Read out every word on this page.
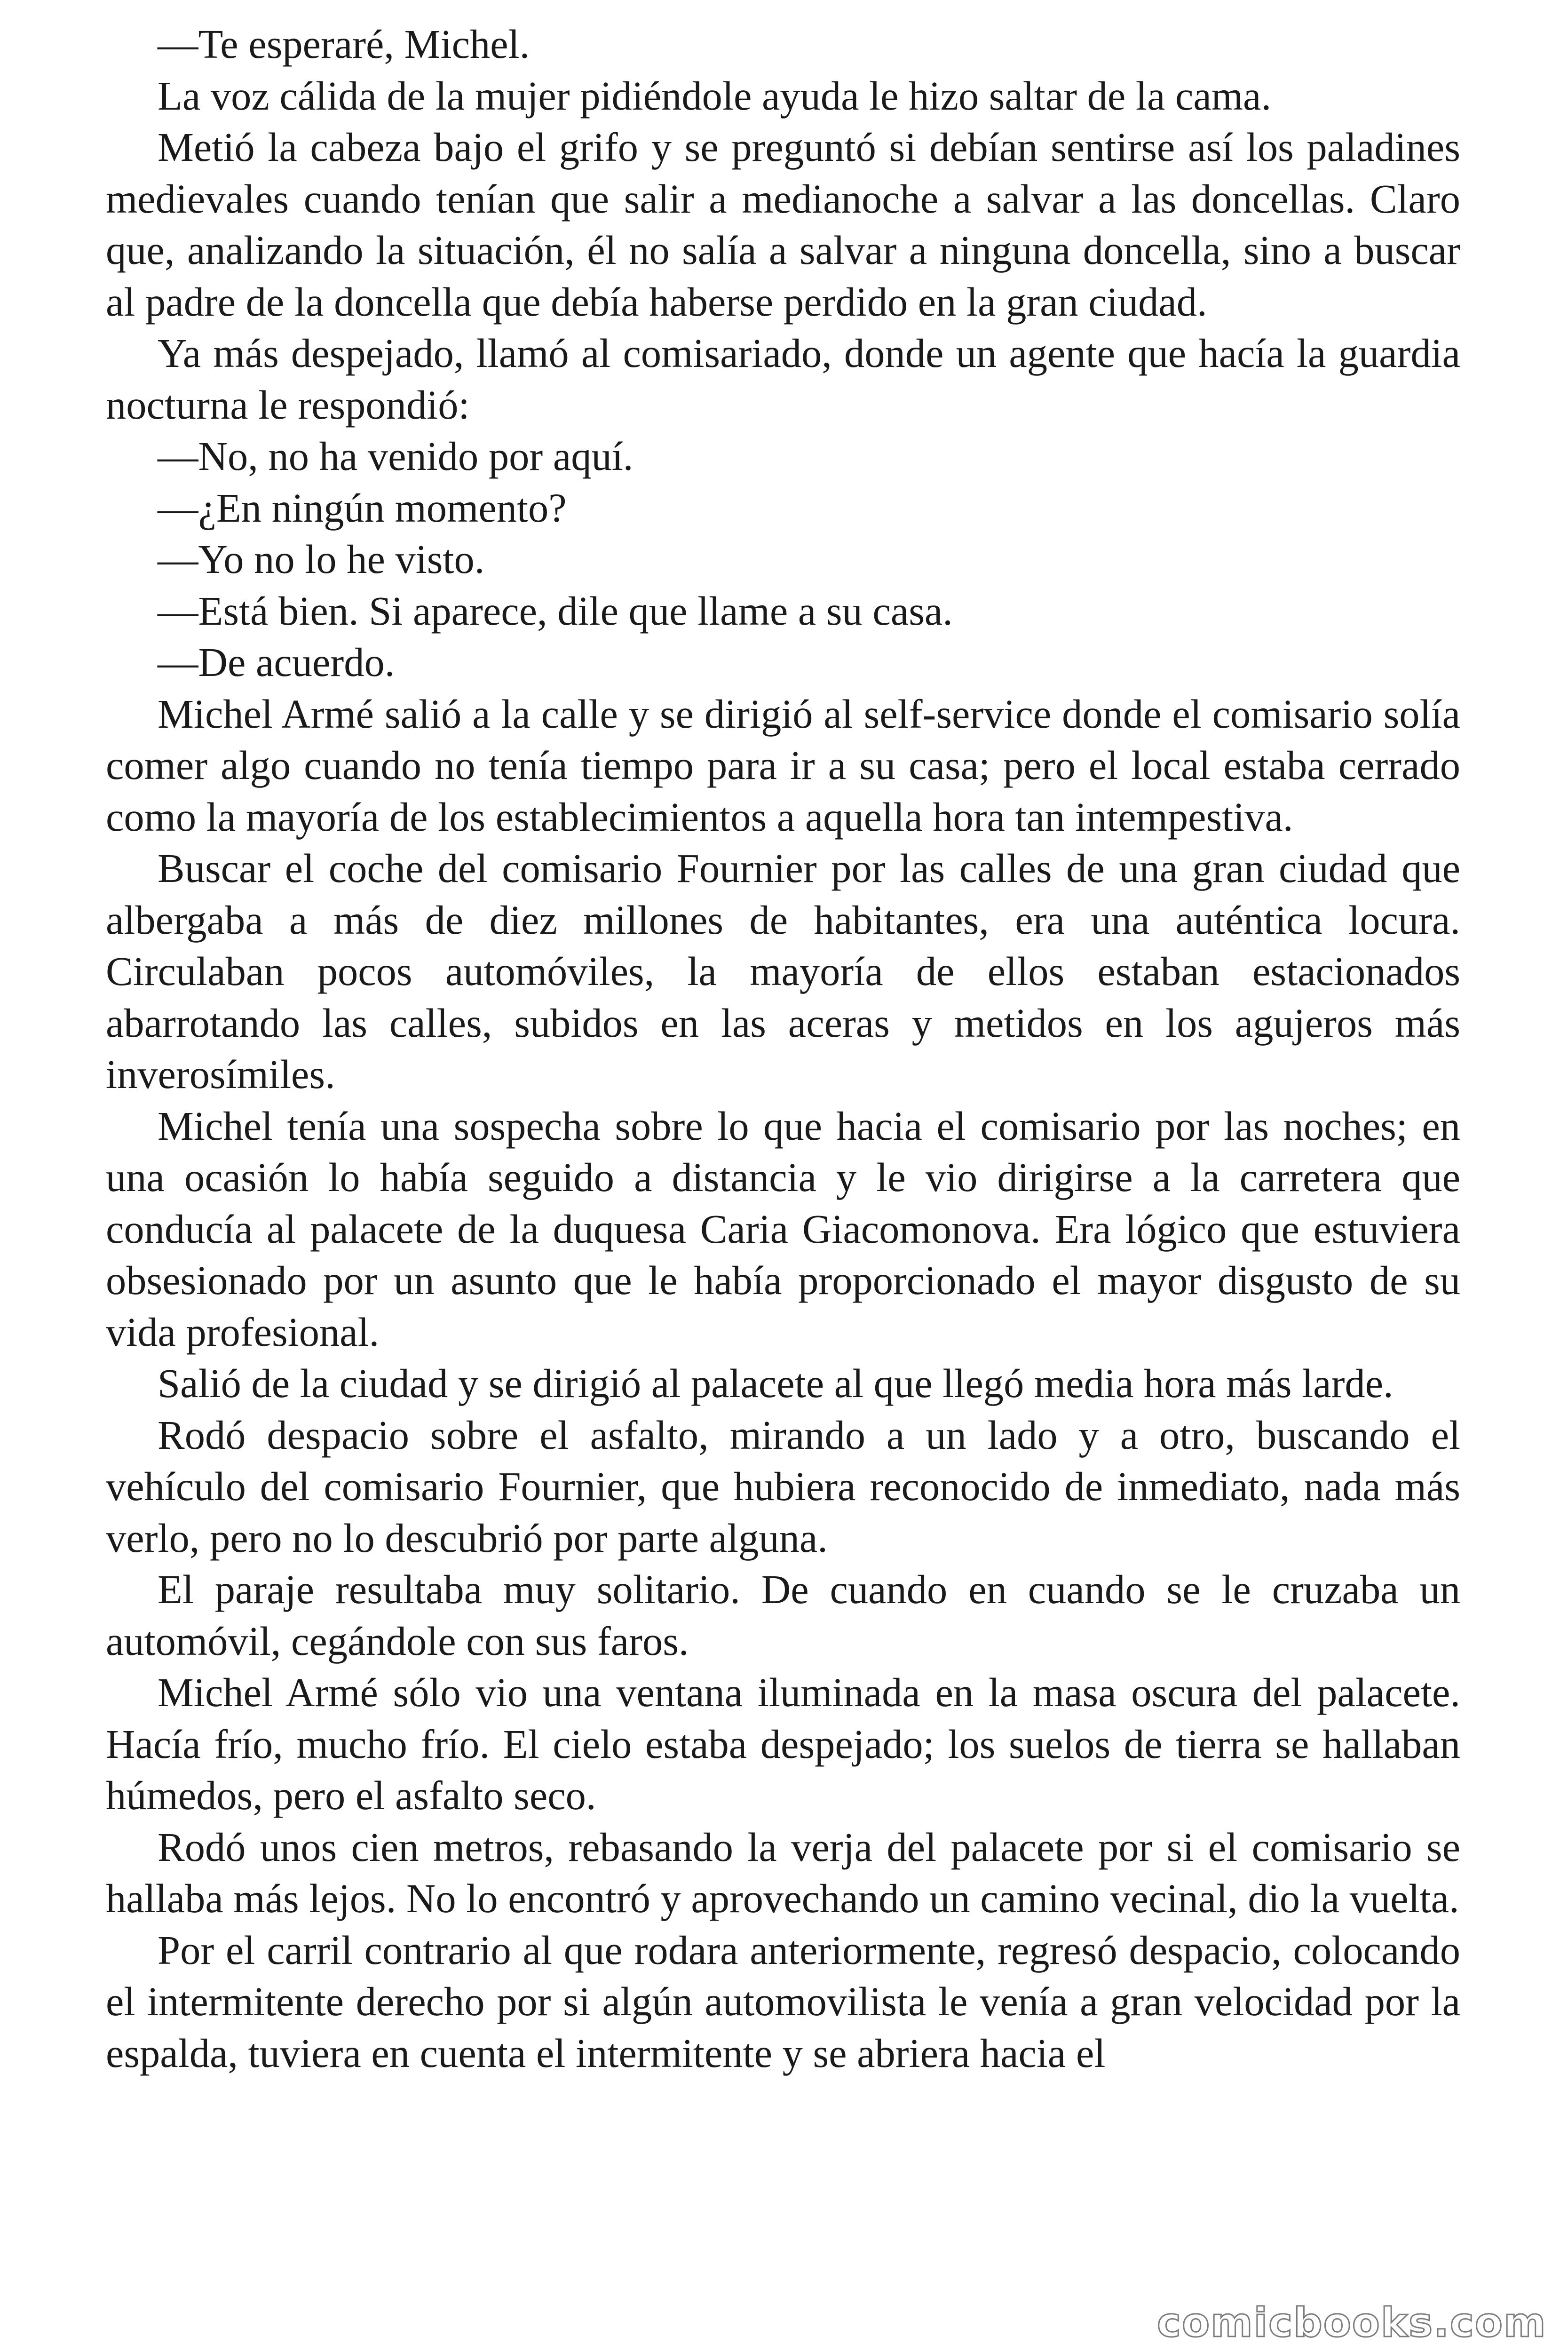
—Te esperaré, Michel.

La voz cálida de la mujer pidiéndole ayuda le hizo saltar de la cama.

Metió la cabeza bajo el grifo y se preguntó si debían sentirse así los paladines medievales cuando tenían que salir a medianoche a salvar a las doncellas. Claro que, analizando la situación, él no salía a salvar a ninguna doncella, sino a buscar al padre de la doncella que debía haberse perdido en la gran ciudad.

Ya más despejado, llamó al comisariado, donde un agente que hacía la guardia nocturna le respondió:

—No, no ha venido por aquí.

—¿En ningún momento?

—Yo no lo he visto.

—Está bien. Si aparece, dile que llame a su casa.

—De acuerdo.

Michel Armé salió a la calle y se dirigió al self-service donde el comisario solía comer algo cuando no tenía tiempo para ir a su casa; pero el local estaba cerrado como la mayoría de los establecimientos a aquella hora tan intempestiva.

Buscar el coche del comisario Fournier por las calles de una gran ciudad que albergaba a más de diez millones de habitantes, era una auténtica locura. Circulaban pocos automóviles, la mayoría de ellos estaban estacionados abarrotando las calles, subidos en las aceras y metidos en los agujeros más inverosímiles.

Michel tenía una sospecha sobre lo que hacia el comisario por las noches; en una ocasión lo había seguido a distancia y le vio dirigirse a la carretera que conducía al palacete de la duquesa Caria Giacomonova. Era lógico que estuviera obsesionado por un asunto que le había proporcionado el mayor disgusto de su vida profesional.

Salió de la ciudad y se dirigió al palacete al que llegó media hora más larde.

Rodó despacio sobre el asfalto, mirando a un lado y a otro, buscando el vehículo del comisario Fournier, que hubiera reconocido de inmediato, nada más verlo, pero no lo descubrió por parte alguna.

El paraje resultaba muy solitario. De cuando en cuando se le cruzaba un automóvil, cegándole con sus faros.

Michel Armé sólo vio una ventana iluminada en la masa oscura del palacete. Hacía frío, mucho frío. El cielo estaba despejado; los suelos de tierra se hallaban húmedos, pero el asfalto seco.

Rodó unos cien metros, rebasando la verja del palacete por si el comisario se hallaba más lejos. No lo encontró y aprovechando un camino vecinal, dio la vuelta.

Por el carril contrario al que rodara anteriormente, regresó despacio, colocando el intermitente derecho por si algún automovilista le venía a gran velocidad por la espalda, tuviera en cuenta el intermitente y se abriera hacia el

comicbooks.com
